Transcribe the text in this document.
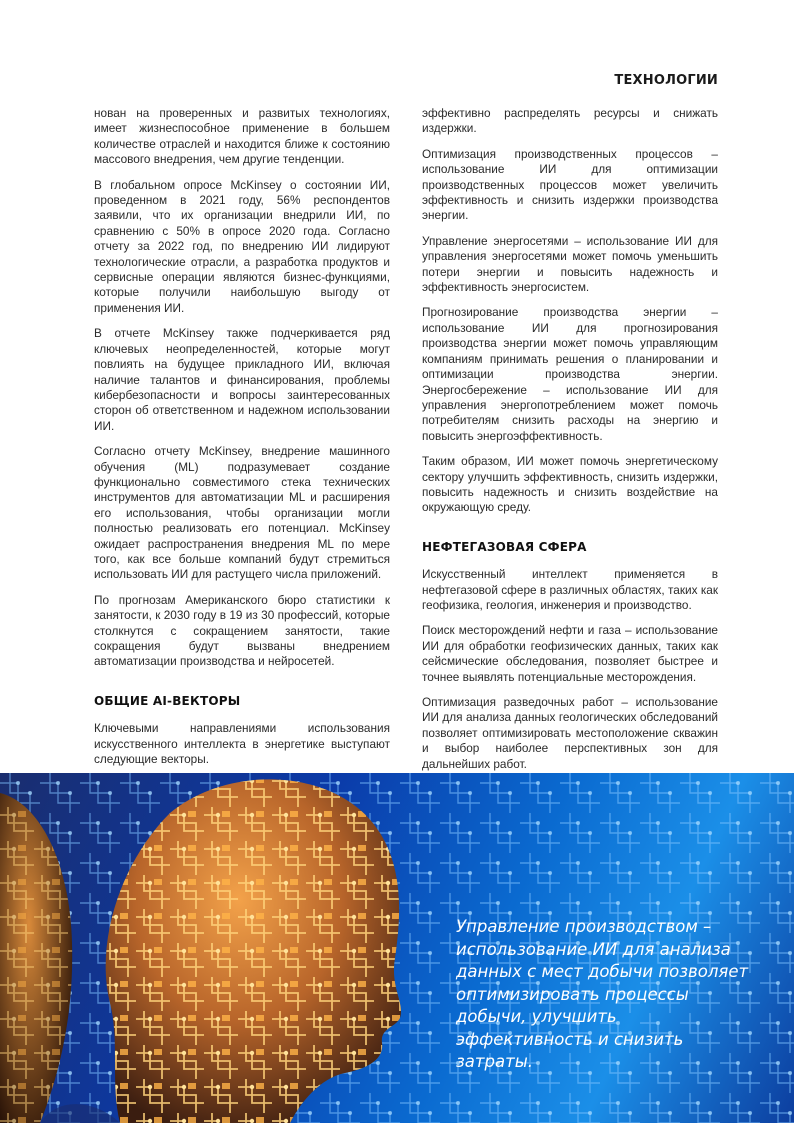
ТЕХНОЛОГИИ

нован на проверенных и развитых технологиях, имеет жизнеспособное применение в большем количестве отраслей и находится ближе к состоянию массового внедрения, чем другие тенденции.

В глобальном опросе McKinsey о состоянии ИИ, проведенном в 2021 году, 56% респондентов заявили, что их организации внедрили ИИ, по сравнению с 50% в опросе 2020 года. Согласно отчету за 2022 год, по внедрению ИИ лидируют технологические отрасли, а разработка продуктов и сервисные операции являются бизнес-функциями, которые получили наибольшую выгоду от применения ИИ.

В отчете McKinsey также подчеркивается ряд ключевых неопределенностей, которые могут повлиять на будущее прикладного ИИ, включая наличие талантов и финансирования, проблемы кибербезопасности и вопросы заинтересованных сторон об ответственном и надежном использовании ИИ.

Согласно отчету McKinsey, внедрение машинного обучения (ML) подразумевает создание функционально совместимого стека технических инструментов для автоматизации ML и расширения его использования, чтобы организации могли полностью реализовать его потенциал. McKinsey ожидает распространения внедрения ML по мере того, как все больше компаний будут стремиться использовать ИИ для растущего числа приложений.

По прогнозам Американского бюро статистики к занятости, к 2030 году в 19 из 30 профессий, которые столкнутся с сокращением занятости, такие сокращения будут вызваны внедрением автоматизации производства и нейросетей.

ОБЩИЕ AI-ВЕКТОРЫ

Ключевыми направлениями использования искусственного интеллекта в энергетике выступают следующие векторы.

эффективно распределять ресурсы и снижать издержки.

Оптимизация производственных процессов – использование ИИ для оптимизации производственных процессов может увеличить эффективность и снизить издержки производства энергии.

Управление энергосетями – использование ИИ для управления энергосетями может помочь уменьшить потери энергии и повысить надежность и эффективность энергосистем.

Прогнозирование производства энергии – использование ИИ для прогнозирования производства энергии может помочь управляющим компаниям принимать решения о планировании и оптимизации производства энергии. Энергосбережение – использование ИИ для управления энергопотреблением может помочь потребителям снизить расходы на энергию и повысить энергоэффективность.

Таким образом, ИИ может помочь энергетическому сектору улучшить эффективность, снизить издержки, повысить надежность и снизить воздействие на окружающую среду.

НЕФТЕГАЗОВАЯ СФЕРА

Искусственный интеллект применяется в нефтегазовой сфере в различных областях, таких как геофизика, геология, инженерия и производство.

Поиск месторождений нефти и газа – использование ИИ для обработки геофизических данных, таких как сейсмические обследования, позволяет быстрее и точнее выявлять потенциальные месторождения.

Оптимизация разведочных работ – использование ИИ для анализа данных геологических обследований позволяет оптимизировать местоположение скважин и выбор наиболее перспективных зон для дальнейших работ.

Управление производством – использование ИИ для анализа данных с мест добычи позволяет оптимизировать процессы добычи, улучшить эффективность и снизить затраты.
